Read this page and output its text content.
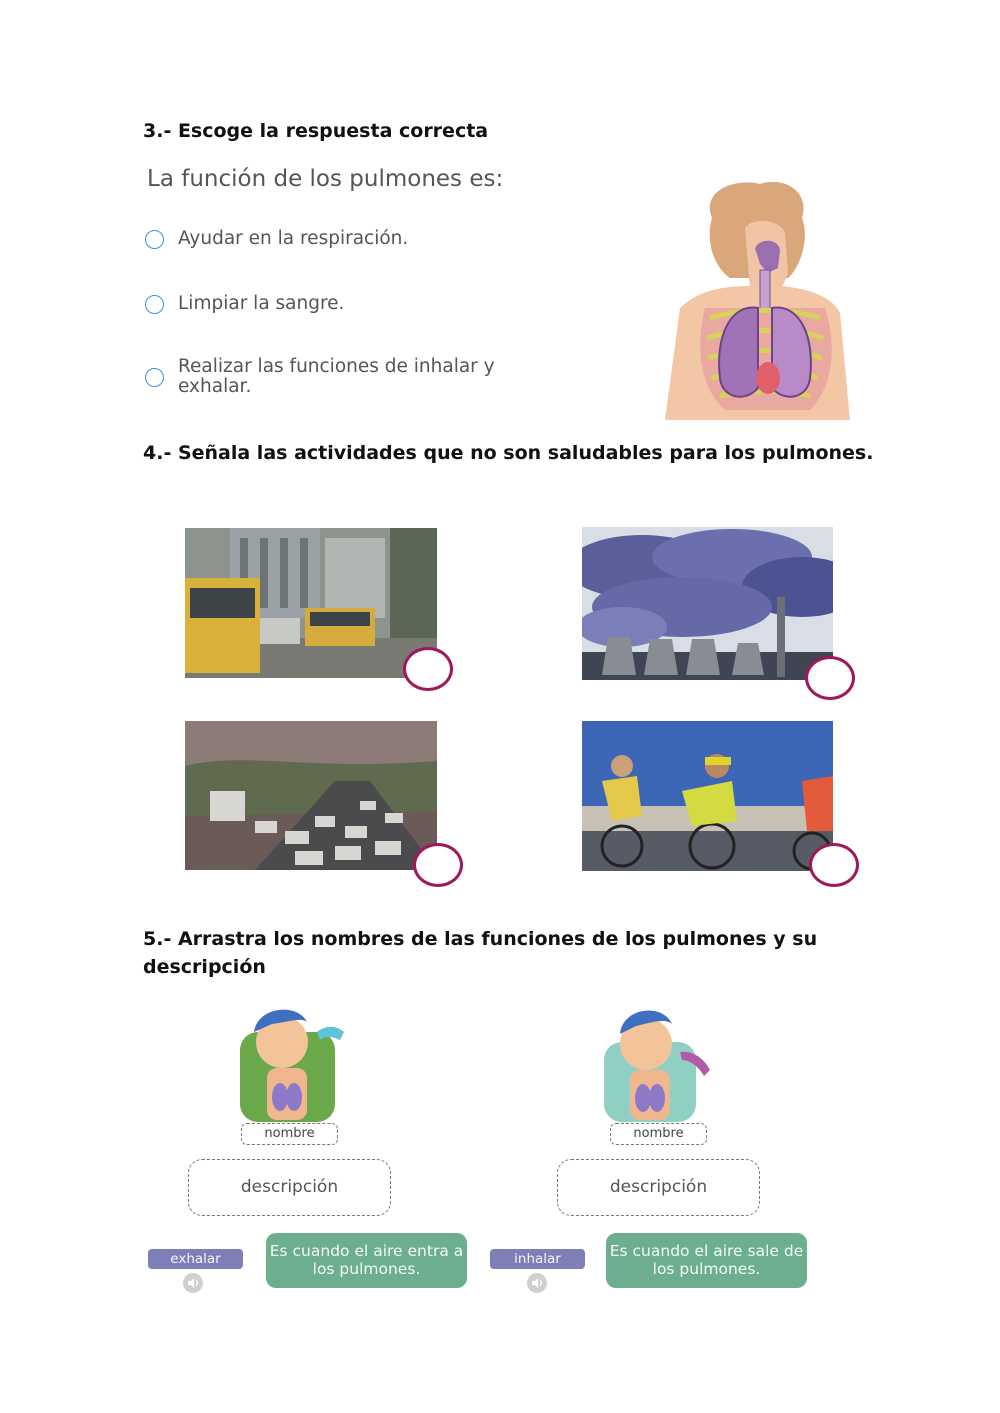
3.- Escoge la respuesta correcta
La función de los pulmones es:
Ayudar en la respiración.
Limpiar la sangre.
Realizar las funciones de inhalar y exhalar.
4.- Señala las actividades que no son saludables para los pulmones.
5.- Arrastra los nombres de las funciones de los pulmones y su descripción
nombre	nombre
descripción	descripción
exhalar	Es cuando el aire entra a los pulmones.
inhalar	Es cuando el aire sale de los pulmones.
